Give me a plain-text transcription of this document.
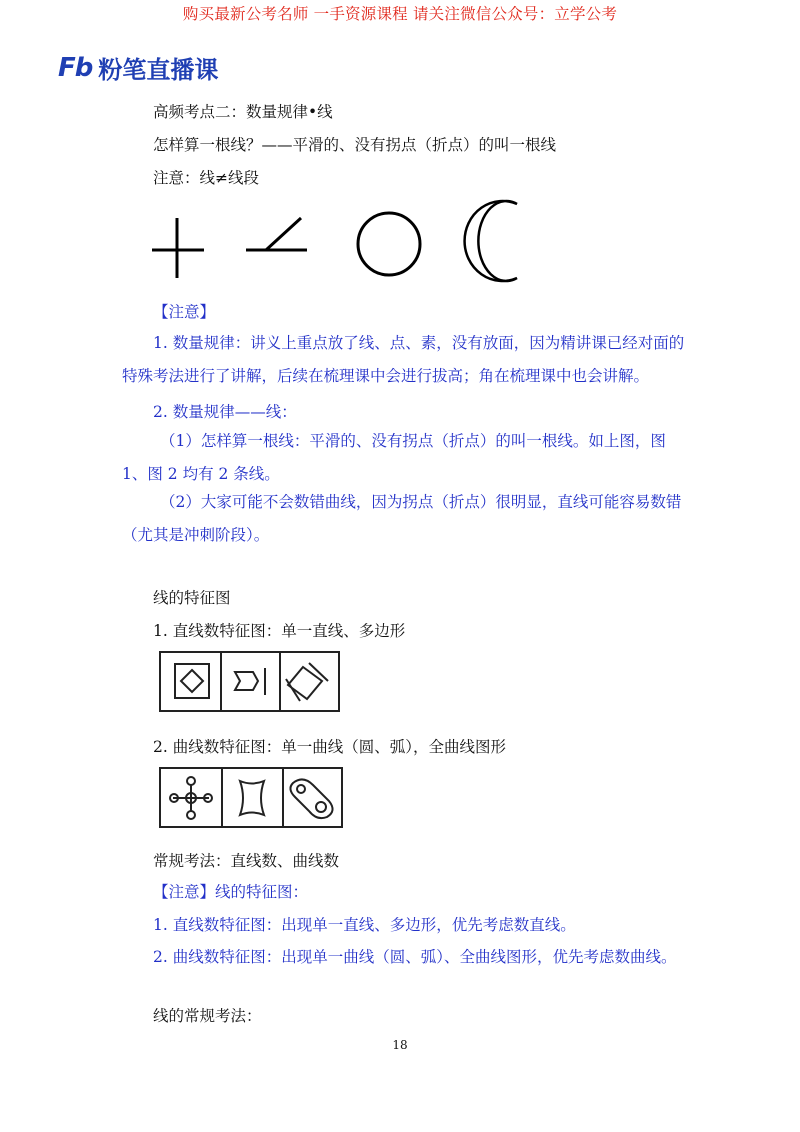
购买最新公考名师 一手资源课程 请关注微信公众号：立学公考
Fb 粉笔直播课
高频考点二：数量规律•线
怎样算一根线？——平滑的、没有拐点（折点）的叫一根线
注意：线≠线段
【注意】
1. 数量规律：讲义上重点放了线、点、素，没有放面，因为精讲课已经对面的特殊考法进行了讲解，后续在梳理课中会进行拔高；角在梳理课中也会讲解。
2. 数量规律——线：
（1）怎样算一根线：平滑的、没有拐点（折点）的叫一根线。如上图，图1、图 2 均有 2 条线。
（2）大家可能不会数错曲线，因为拐点（折点）很明显，直线可能容易数错（尤其是冲刺阶段）。
线的特征图
1. 直线数特征图：单一直线、多边形
2. 曲线数特征图：单一曲线（圆、弧），全曲线图形
常规考法：直线数、曲线数
【注意】线的特征图：
1. 直线数特征图：出现单一直线、多边形，优先考虑数直线。
2. 曲线数特征图：出现单一曲线（圆、弧）、全曲线图形，优先考虑数曲线。
线的常规考法：
18
